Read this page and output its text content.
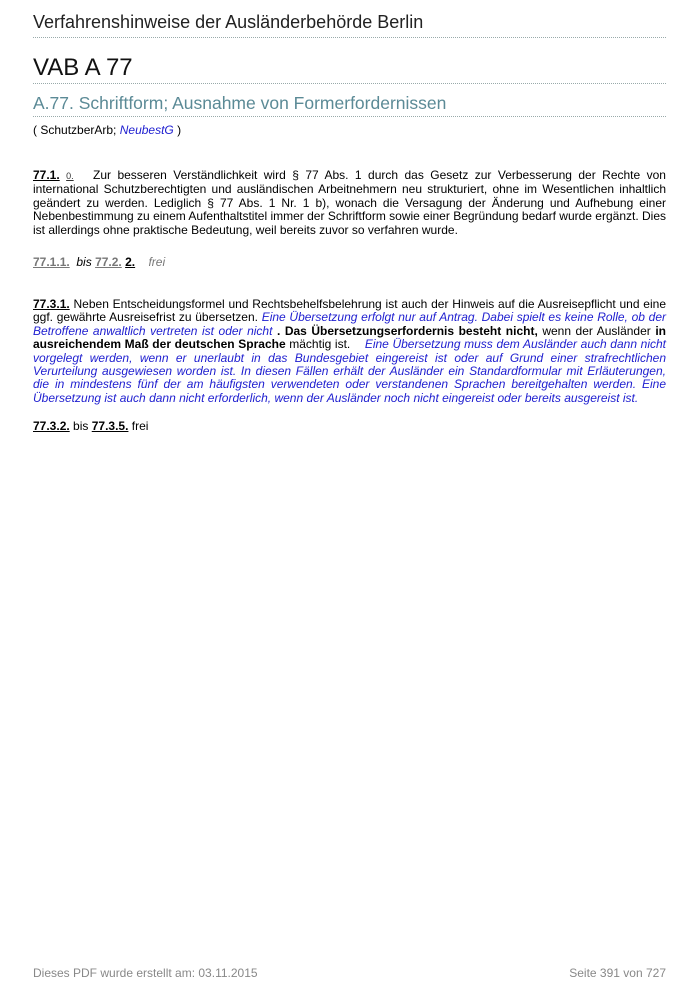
Verfahrenshinweise der Ausländerbehörde Berlin
VAB A 77
A.77. Schriftform; Ausnahme von Formerfordernissen
( SchutzberArb; NeubestG )

77.1. 0. Zur besseren Verständlichkeit wird § 77 Abs. 1 durch das Gesetz zur Verbesserung der Rechte von international Schutzberechtigten und ausländischen Arbeitnehmern neu strukturiert, ohne im Wesentlichen inhaltlich geändert zu werden. Lediglich § 77 Abs. 1 Nr. 1 b), wonach die Versagung der Änderung und Aufhebung einer Nebenbestimmung zu einem Aufenthaltstitel immer der Schriftform sowie einer Begründung bedarf wurde ergänzt. Dies ist allerdings ohne praktische Bedeutung, weil bereits zuvor so verfahren wurde.

77.1.1. bis 77.2. 2. frei

77.3.1. Neben Entscheidungsformel und Rechtsbehelfsbelehrung ist auch der Hinweis auf die Ausreisepflicht und eine ggf. gewährte Ausreisefrist zu übersetzen. Eine Übersetzung erfolgt nur auf Antrag. Dabei spielt es keine Rolle, ob der Betroffene anwaltlich vertreten ist oder nicht . Das Übersetzungserfordernis besteht nicht, wenn der Ausländer in ausreichendem Maß der deutschen Sprache mächtig ist. Eine Übersetzung muss dem Ausländer auch dann nicht vorgelegt werden, wenn er unerlaubt in das Bundesgebiet eingereist ist oder auf Grund einer strafrechtlichen Verurteilung ausgewiesen worden ist. In diesen Fällen erhält der Ausländer ein Standardformular mit Erläuterungen, die in mindestens fünf der am häufigsten verwendeten oder verstandenen Sprachen bereitgehalten werden. Eine Übersetzung ist auch dann nicht erforderlich, wenn der Ausländer noch nicht eingereist oder bereits ausgereist ist.

77.3.2. bis 77.3.5. frei

Dieses PDF wurde erstellt am: 03.11.2015	Seite 391 von 727
